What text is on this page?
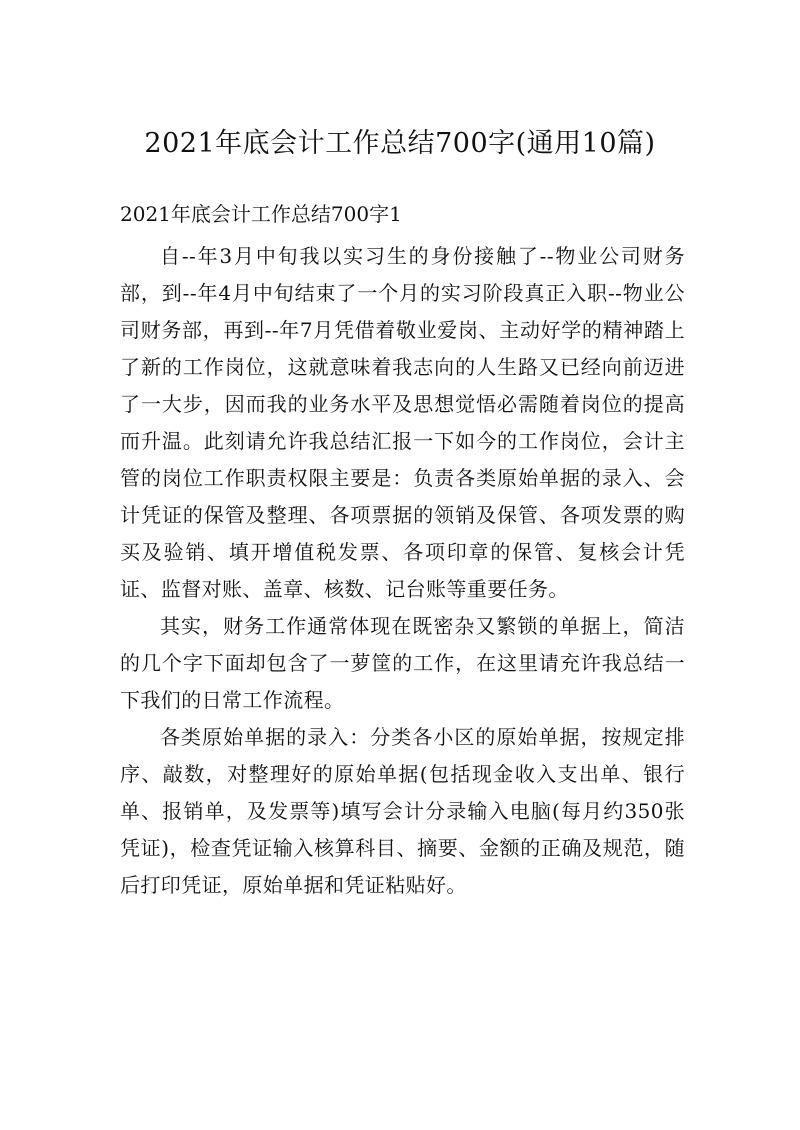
2021年底会计工作总结700字(通用10篇)
2021年底会计工作总结700字1

自--年3月中旬我以实习生的身份接触了--物业公司财务部，到--年4月中旬结束了一个月的实习阶段真正入职--物业公司财务部，再到--年7月凭借着敬业爱岗、主动好学的精神踏上了新的工作岗位，这就意味着我志向的人生路又已经向前迈进了一大步，因而我的业务水平及思想觉悟必需随着岗位的提高而升温。此刻请允许我总结汇报一下如今的工作岗位，会计主管的岗位工作职责权限主要是：负责各类原始单据的录入、会计凭证的保管及整理、各项票据的领销及保管、各项发票的购买及验销、填开增值税发票、各项印章的保管、复核会计凭证、监督对账、盖章、核数、记台账等重要任务。

其实，财务工作通常体现在既密杂又繁锁的单据上，简洁的几个字下面却包含了一萝筐的工作，在这里请充许我总结一下我们的日常工作流程。

各类原始单据的录入：分类各小区的原始单据，按规定排序、敲数，对整理好的原始单据(包括现金收入支出单、银行单、报销单，及发票等)填写会计分录输入电脑(每月约350张凭证)，检查凭证输入核算科目、摘要、金额的正确及规范，随后打印凭证，原始单据和凭证粘贴好。
